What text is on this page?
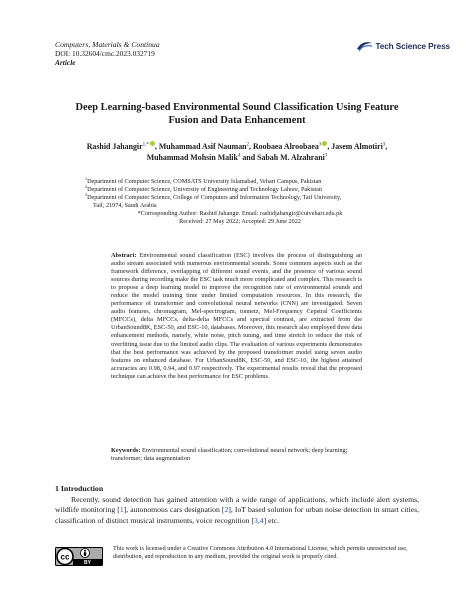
Computers, Materials & Continua
DOI: 10.32604/cmc.2023.032719
Article
Tech Science Press
Deep Learning-based Environmental Sound Classification Using Feature
Fusion and Data Enhancement
Rashid Jahangir$^{1,*}$ , Muhammad Asif Nauman$^2$, Roobaea Alroobaea$^3$ , Jasem Almotiri$^3$,
Muhammad Mohsin Malik$^4$ and Sabah M. Alzahrani$^3$
$^1$Department of Computer Science, COMSATS University Islamabad, Vehari Campus, Pakistan
$^2$Department of Computer Science, University of Engineering and Technology Lahore, Pakistan
$^3$Department of Computer Science, College of Computers and Information Technology, Taif University,
Taif, 21974, Saudi Arabia
*Corresponding Author: Rashid Jahangir. Email: rashidjahangir@cuivehari.edu.pk
Received: 27 May 2022; Accepted: 29 June 2022
Abstract: Environmental sound classification (ESC) involves the process of distinguishing an audio stream associated with numerous environmental sounds. Some common aspects such as the framework difference, overlapping of different sound events, and the presence of various sound sources during recording make the ESC task much more complicated and complex. This research is to propose a deep learning model to improve the recognition rate of environmental sounds and reduce the model training time under limited computation resources. In this research, the performance of transformer and convolutional neural networks (CNN) are investigated. Seven audio features, chromagram, Mel-spectrogram, tonnetz, Mel-Frequency Cepstral Coefficients (MFCCs), delta MFCCs, delta-delta MFCCs and spectral contrast, are extracted from the UrbanSound8K, ESC-50, and ESC-10, databases. Moreover, this research also employed three data enhancement methods, namely, white noise, pitch tuning, and time stretch to reduce the risk of overfitting issue due to the limited audio clips. The evaluation of various experiments demonstrates that the best performance was achieved by the proposed transformer model using seven audio features on enhanced database. For UrbanSound8K, ESC-50, and ESC-10, the highest attained accuracies are 0.98, 0.94, and 0.97 respectively. The experimental results reveal that the proposed technique can achieve the best performance for ESC problems.
Keywords: Environmental sound classification; convolutional neural network; deep learning; transformer; data augmentation
1 Introduction
Recently, sound detection has gained attention with a wide range of applications, which include alert systems, wildlife monitoring [1], autonomous cars designation [2], IoT based solution for urban noise detection in smart cities, classification of distinct musical instruments, voice recognition [3,4] etc.
cc
BY
This work is licensed under a Creative Commons Attribution 4.0 International License, which permits unrestricted use, distribution, and reproduction in any medium, provided the original work is properly cited.
